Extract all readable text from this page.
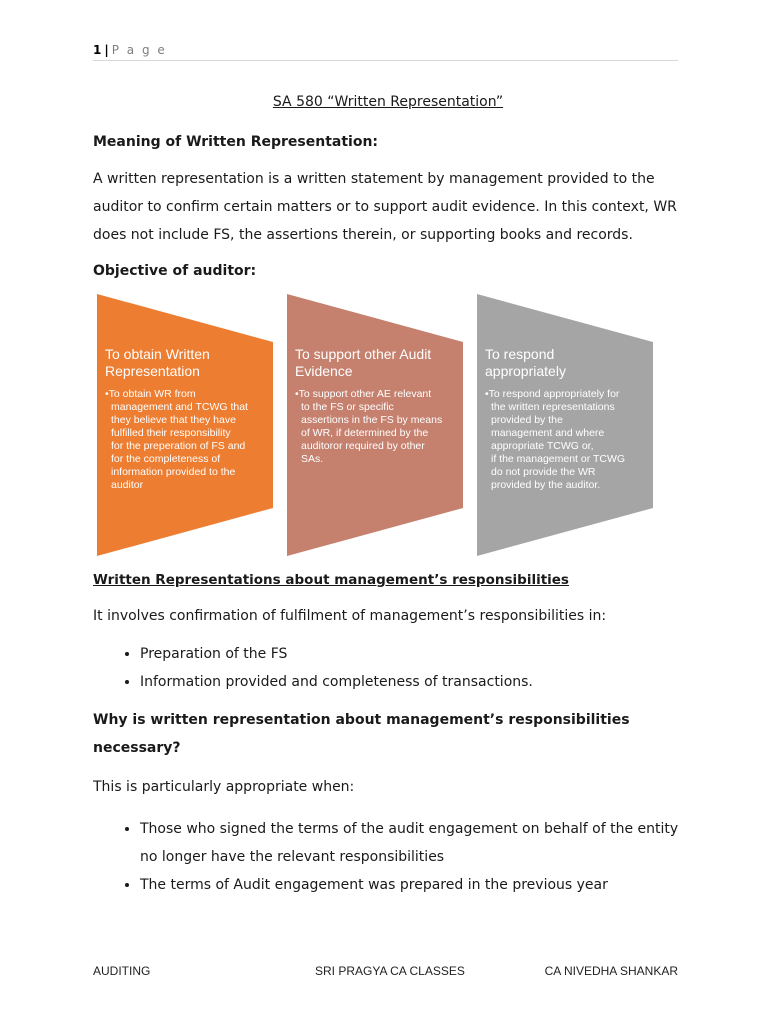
1 | P a g e
SA 580 “Written Representation”
Meaning of Written Representation:
A written representation is a written statement by management provided to the auditor to confirm certain matters or to support audit evidence. In this context, WR does not include FS, the assertions therein, or supporting books and records.
Objective of auditor:
To obtain Written Representation
•To obtain WR from management and TCWG that they believe that they have fulfilled their responsibility for the preperation of FS and for the completeness of information provided to the auditor
To support other Audit Evidence
•To support other AE relevant to the FS or specific assertions in the FS by means of WR, if determined by the auditoror required by other SAs.
To respond appropriately
•To respond appropriately for the written representations provided by the management and where appropriate TCWG or, if the management or TCWG do not provide the WR provided by the auditor.
Written Representations about management’s responsibilities
It involves confirmation of fulfilment of management’s responsibilities in:
• Preparation of the FS
• Information provided and completeness of transactions.
Why is written representation about management’s responsibilities necessary?
This is particularly appropriate when:
• Those who signed the terms of the audit engagement on behalf of the entity no longer have the relevant responsibilities
• The terms of Audit engagement was prepared in the previous year
AUDITING	SRI PRAGYA CA CLASSES	CA NIVEDHA SHANKAR
